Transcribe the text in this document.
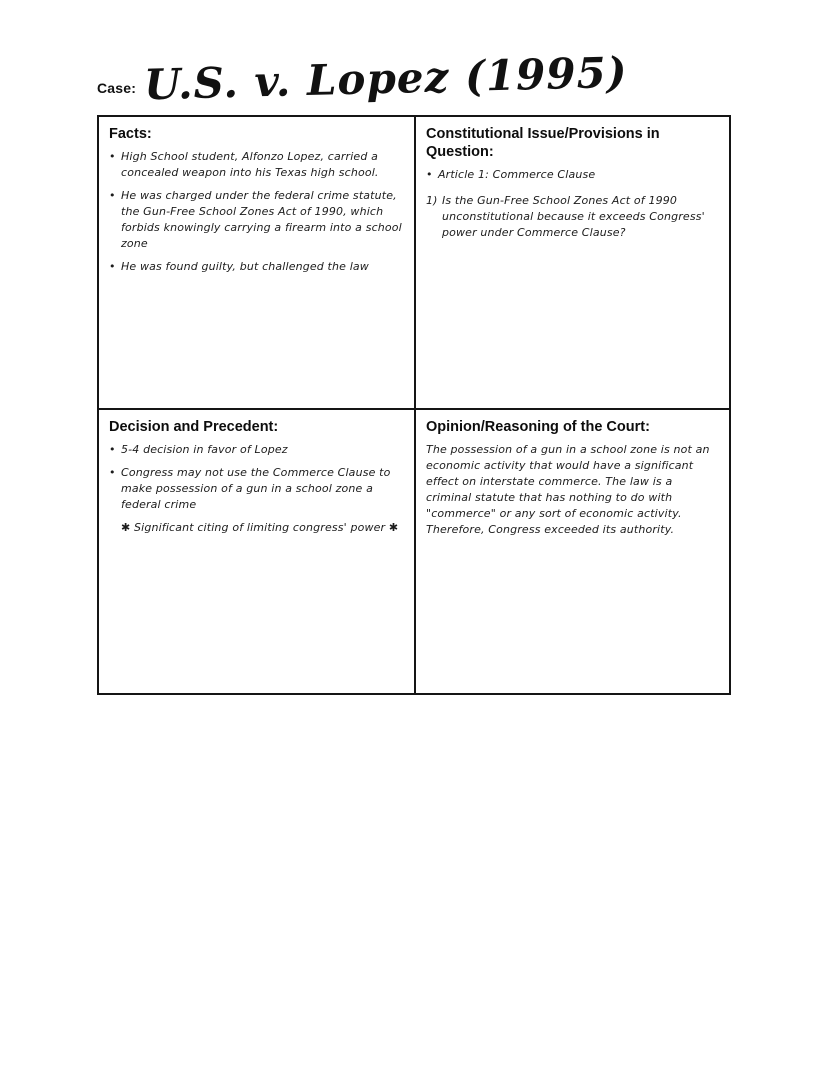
Case: U.S. v. Lopez (1995)
Facts:
• High School student, Alfonzo Lopez, carried a concealed weapon into his Texas high school.
• He was charged under the federal crime statute, the Gun-Free School Zones Act of 1990, which forbids knowingly carrying a firearm into a school zone
• He was found guilty, but challenged the law
Constitutional Issue/Provisions in Question:
• Article 1: Commerce Clause
1) Is the Gun-Free School Zones Act of 1990 unconstitutional because it exceeds Congress' power under Commerce Clause?
Decision and Precedent:
• 5-4 decision in favor of Lopez
• Congress may not use the Commerce Clause to make possession of a gun in a school zone a federal crime
✱ Significant citing of limiting congress' power ✱
Opinion/Reasoning of the Court:
The possession of a gun in a school zone is not an economic activity that would have a significant effect on interstate commerce. The law is a criminal statute that has nothing to do with "commerce" or any sort of economic activity. Therefore, Congress exceeded its authority.
